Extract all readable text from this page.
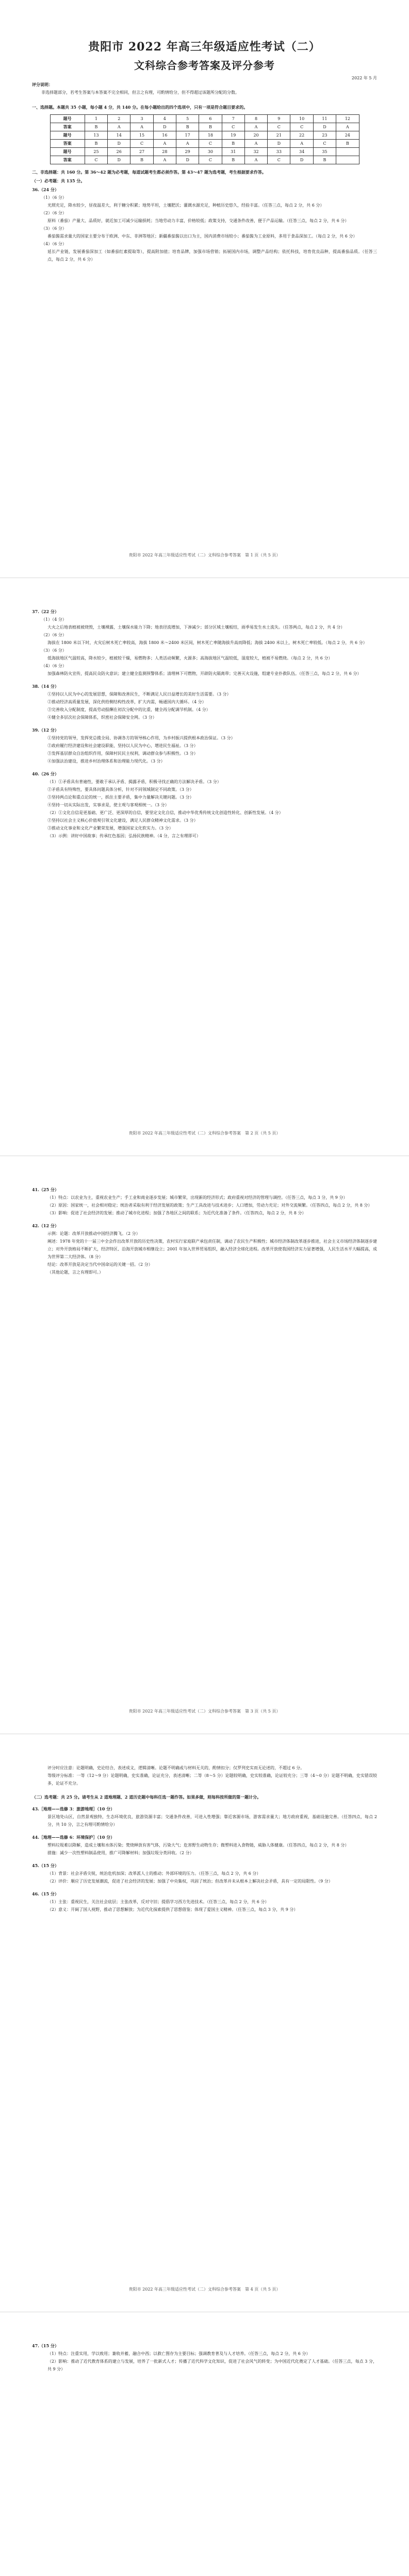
贵阳市 2022 年高三年级适应性考试（二）
文科综合参考答案及评分参考
2022 年 5 月

评分说明：

非选择题部分，若考生答案与本答案不完全相同，但言之有理，可酌情给分，但不得超过该题所分配的分数。

一、选择题。本题共 35 小题，每小题 4 分，共 140 分。在每小题给出的四个选项中，只有一项是符合题目要求的。

题号	1	2	3	4	5	6	7	8	9	10	11	12
答案	B	A	A	D	B	B	C	A	C	C	D	A
题号	13	14	15	16	17	18	19	20	21	22	23	24
答案	B	D	C	A	A	C	B	A	D	A	C	B
题号	25	26	27	28	29	30	31	32	33	34	35	
答案	C	D	B	A	D	C	B	A	C	D	B	

二、非选择题：共 160 分。第 36～42 题为必考题，每道试题考生都必须作答。第 43～47 题为选考题，考生根据要求作答。

（一）必考题：共 135 分。

36.（24 分）

（1）（6 分）

光照充足，降水较少，昼夜温差大，利于糖分积累；地势平坦，土壤肥沃；灌溉水源充足，种植历史悠久，经验丰富。（任答三点，每点 2 分，共 6 分）

（2）（6 分）

原料（番茄）产量大、品质好，就近加工可减少运输损耗；当地劳动力丰富，价格较低；政策支持，交通条件改善，便于产品运输。（任答三点，每点 2 分，共 6 分）

（3）（6 分）

番茄酱需求量大的国家主要分布于欧洲、中东、非洲等地区；新疆番茄酱以出口为主，国内消费市场较小；番茄酱为工业原料，多用于食品深加工。（每点 2 分，共 6 分）

（4）（6 分）

延长产业链，发展番茄深加工（如番茄红素提取等），提高附加值；培育品牌，加强市场营销；拓展国内市场，调整产品结构；依托科技，培育优良品种，提高番茄品质。（任答三点，每点 2 分，共 6 分）

贵阳市 2022 年高三年级适应性考试（二）文科综合参考答案　第 1 页（共 5 页）

37.（22 分）

（1）（4 分）

大火之后地表植被被烧毁，土壤裸露，土壤保水能力下降；地表径流增加，下渗减少；部分区域土壤板结，雨季易发生水土流失。（任答两点，每点 2 分，共 4 分）

（2）（6 分）

海拔在 1800 米以下时，火灾后树木死亡率较高，海拔 1800 米～2400 米区间，树木死亡率随海拔升高而降低；海拔 2400 米以上，树木死亡率较低。（每点 2 分，共 6 分）

（3）（6 分）

低海拔地区气温较高，降水较少，植被较干燥，易燃物多；人类活动频繁，火源多；高海拔地区气温较低，湿度较大，植被不易燃烧。（每点 2 分，共 6 分）

（4）（6 分）

加强森林防火宣传，提高民众防火意识；建立健全监测预警体系；清理林下可燃物，开辟防火隔离带；完善灭火设施，组建专业扑救队伍。（任答三点，每点 2 分，共 6 分）

38.（14 分）

①坚持以人民为中心的发展思想，保障和改善民生，不断满足人民日益增长的美好生活需要。（3 分）

②推动经济高质量发展，深化供给侧结构性改革，扩大内需，畅通国内大循环。（4 分）

③完善收入分配制度，提高劳动报酬在初次分配中的比重，健全再分配调节机制。（4 分）

④健全多层次社会保障体系，织密社会保障安全网。（3 分）

39.（12 分）

①坚持党的领导，发挥党总揽全局、协调各方的领导核心作用，为乡村振兴提供根本政治保证。（3 分）

②政府履行经济建设和社会建设职能，坚持以人民为中心，增进民生福祉。（3 分）

③发挥基层群众自治组织作用，保障村民民主权利，调动群众参与积极性。（3 分）

④加强法治建设，推进乡村治理体系和治理能力现代化。（3 分）

40.（26 分）

（1）①矛盾具有普遍性，要敢于承认矛盾、揭露矛盾，积极寻找正确的方法解决矛盾。（3 分）

②矛盾具有特殊性，要具体问题具体分析，针对不同领域制定不同政策。（3 分）

③坚持两点论和重点论的统一，抓住主要矛盾，集中力量解决关键问题。（3 分）

④坚持一切从实际出发，实事求是，使主观与客观相统一。（3 分）

（2）①文化自信是更基础、更广泛、更深厚的自信，要坚定文化自信，推动中华优秀传统文化创造性转化、创新性发展。（4 分）

②坚持以社会主义核心价值观引领文化建设，满足人民群众精神文化需求。（3 分）

③推动文化事业和文化产业繁荣发展，增强国家文化软实力。（3 分）

（3）示例：讲好中国故事；传承红色基因；弘扬民族精神。（4 分，言之有理即可）

贵阳市 2022 年高三年级适应性考试（二）文科综合参考答案　第 2 页（共 5 页）

41.（25 分）

（1）特点：以农业为主，重视农业生产；手工业和商业逐步发展；城市繁荣，出现新的经济形式；政府重视对经济的管理与调控。（任答三点，每点 3 分，共 9 分）

（2）原因：国家统一，社会相对稳定；统治者采取有利于经济发展的政策；生产工具改进与技术进步；人口增加，劳动力充足；对外交流频繁。（任答四点，每点 2 分，共 8 分）

（3）影响：促进了社会经济的发展；推动了城市化进程；加强了各地区之间的联系；为近代化准备了条件。（任答四点，每点 2 分，共 8 分）

42.（12 分）

示例：论题：改革开放推动中国经济腾飞。（2 分）

阐述：1978 年党的十一届三中全会作出改革开放的历史性决策，农村实行家庭联产承包责任制，调动了农民生产积极性；城市经济体制改革逐步推进，社会主义市场经济体制逐步建立；对外开放格局不断扩大，经济特区、沿海开放城市相继设立；2001 年加入世界贸易组织，融入经济全球化进程。改革开放使我国经济实力显著增强，人民生活水平大幅提高，成为世界第二大经济体。（8 分）

结论：改革开放是决定当代中国命运的关键一招。（2 分）

（其他论题，言之有理即可。）

贵阳市 2022 年高三年级适应性考试（二）文科综合参考答案　第 3 页（共 5 页）

评分时应注意：论题明确，史论结合，表述成文，逻辑清晰。论题不明确或与材料无关的，酌情扣分；仅罗列史实而无论述的，不超过 6 分。

等级评分标准：一等（12～9 分）论题明确，史实准确，论证充分，表述清晰；二等（8～5 分）论题较明确，史实较准确，论证较充分；三等（4～0 分）论题不明确，史实错误较多，论证不充分。

（二）选考题：共 25 分。请考生从 2 道地理题、2 道历史题中每科任选一题作答。如果多做，则每科按所做的第一题计分。

43.［地理——选修 3：旅游地理］（10 分）

景区地处山区，自然景观独特，生态环境优良，旅游资源丰富；交通条件改善，可进入性增强；靠近客源市场，游客需求量大；地方政府重视，基础设施完善。（任答四点，每点 2 分，共 10 分，言之有理可酌情给分）

44.［地理——选修 6：环境保护］（10 分）

塑料垃圾难以降解，造成土壤和水体污染；焚烧释放有害气体，污染大气；危害野生动物生存；微塑料进入食物链，威胁人体健康。（任答四点，每点 2 分，共 8 分）

措施：减少一次性塑料制品使用，推广可降解材料；加强垃圾分类回收。（2 分）

45.（15 分）

（1）背景：社会矛盾尖锐，统治危机加深；改革派人士的推动；外部环境的压力。（任答三点，每点 2 分，共 6 分）

（2）评价：顺应了历史发展潮流，促进了社会经济的发展；加强了中央集权，巩固了统治；但改革并未从根本上解决社会矛盾，具有一定的局限性。（9 分）

46.（15 分）

（1）主张：重视民生，关注社会底层；主张改革，反对守旧；提倡学习西方先进技术。（任答三点，每点 2 分，共 6 分）

（2）意义：开阔了国人视野，推动了思想解放；为近代化探索提供了思想借鉴；体现了爱国主义精神。（任答三点，每点 3 分，共 9 分）

贵阳市 2022 年高三年级适应性考试（二）文科综合参考答案　第 4 页（共 5 页）

47.（15 分）

（1）特点：注重实用，学以致用；兼收并蓄，融合中西；以救亡图存为主要目标；强调教育普及与人才培养。（任答三点，每点 2 分，共 6 分）

（2）影响：推动了近代教育体系的建立与发展，培养了一批新式人才；传播了近代科学文化知识，促进了社会风气的转变；为中国近代化奠定了人才基础。（任答三点，每点 3 分，共 9 分）
